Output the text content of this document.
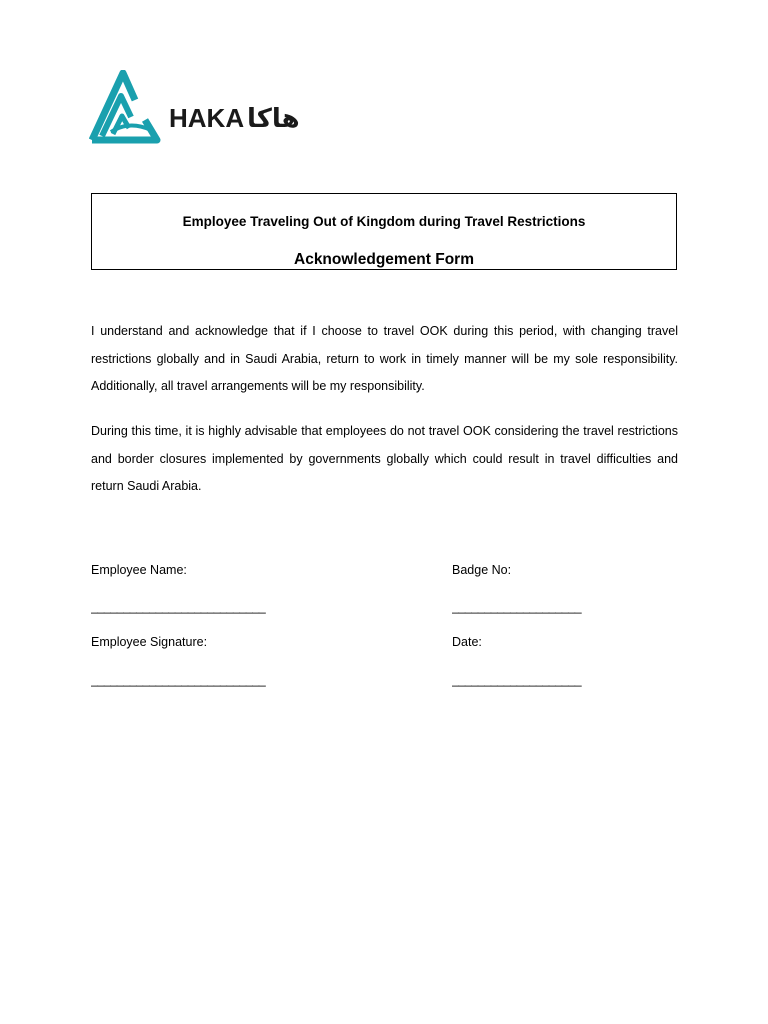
HAKA هاكا
Employee Traveling Out of Kingdom during Travel Restrictions
Acknowledgement Form

I understand and acknowledge that if I choose to travel OOK during this period, with changing travel restrictions globally and in Saudi Arabia, return to work in timely manner will be my sole responsibility. Additionally, all travel arrangements will be my responsibility.

During this time, it is highly advisable that employees do not travel OOK considering the travel restrictions and border closures implemented by governments globally which could result in travel difficulties and return Saudi Arabia.

Employee Name:	Badge No:
___________________________	____________________
Employee Signature:	Date:
___________________________	____________________
